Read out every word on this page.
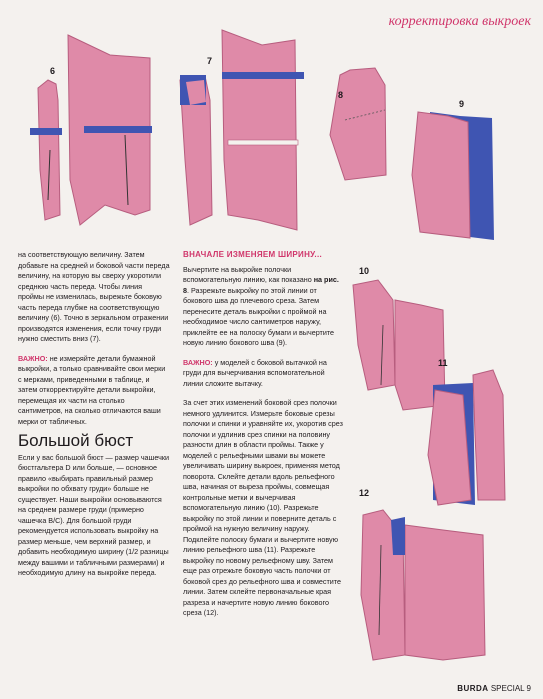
корректировка выкроек
6
7
8
9

на соответствующую величину. Затем добавьте на средней и боковой части переда величину, на которую вы сверху укоротили среднюю часть переда. Чтобы линия проймы не изменилась, вырежьте боковую часть переда глубже на соответствующую величину (6). Точно в зеркальном отражении производятся изменения, если точку груди нужно сместить вниз (7).

ВАЖНО: не измеряйте детали бумажной выкройки, а только сравнивайте свои мерки с мерками, приведенными в таблице, и затем откорректируйте детали выкройки, перемещая их части на столько сантиметров, на сколько отличаются ваши мерки от табличных.

Большой бюст

Если у вас большой бюст — размер чашечки бюстгальтера D или больше, — основное правило «выбирать правильный размер выкройки по обхвату груди» больше не существует. Наши выкройки основываются на среднем размере груди (примерно чашечка B/C). Для большой груди рекомендуется использовать выкройку на размер меньше, чем верхний размер, и добавить необходимую ширину (1/2 разницы между вашими и табличными размерами) и необходимую длину на выкройке переда.

ВНАЧАЛЕ ИЗМЕНЯЕМ ШИРИНУ...

Вычертите на выкройке полочки вспомогательную линию, как показано на рис. 8. Разрежьте выкройку по этой линии от бокового шва до плечевого среза. Затем перенесите деталь выкройки с проймой на необходимое число сантиметров наружу, приклейте ее на полоску бумаги и вычертите новую линию бокового шва (9).

ВАЖНО: у моделей с боковой вытачкой на груди для вычерчивания вспомогательной линии сложите вытачку.

За счет этих изменений боковой срез полочки немного удлинится. Измерьте боковые срезы полочки и спинки и уравняйте их, укоротив срез полочки и удлинив срез спинки на половину разности длин в области проймы. Также у моделей с рельефными швами вы можете увеличивать ширину выкроек, применяя метод поворота. Склейте детали вдоль рельефного шва, начиная от выреза проймы, совмещая контрольные метки и вычерчивая вспомогательную линию (10). Разрежьте выкройку по этой линии и поверните деталь с проймой на нужную величину наружу. Подклейте полоску бумаги и вычертите новую линию рельефного шва (11). Разрежьте выкройку по новому рельефному шву. Затем еще раз отрежьте боковую часть полочки от боковой срез до рельефного шва и совместите линии. Затем склейте первоначальные края разреза и начертите новую линию бокового среза (12).

10
11
12
BURDA SPECIAL 9
